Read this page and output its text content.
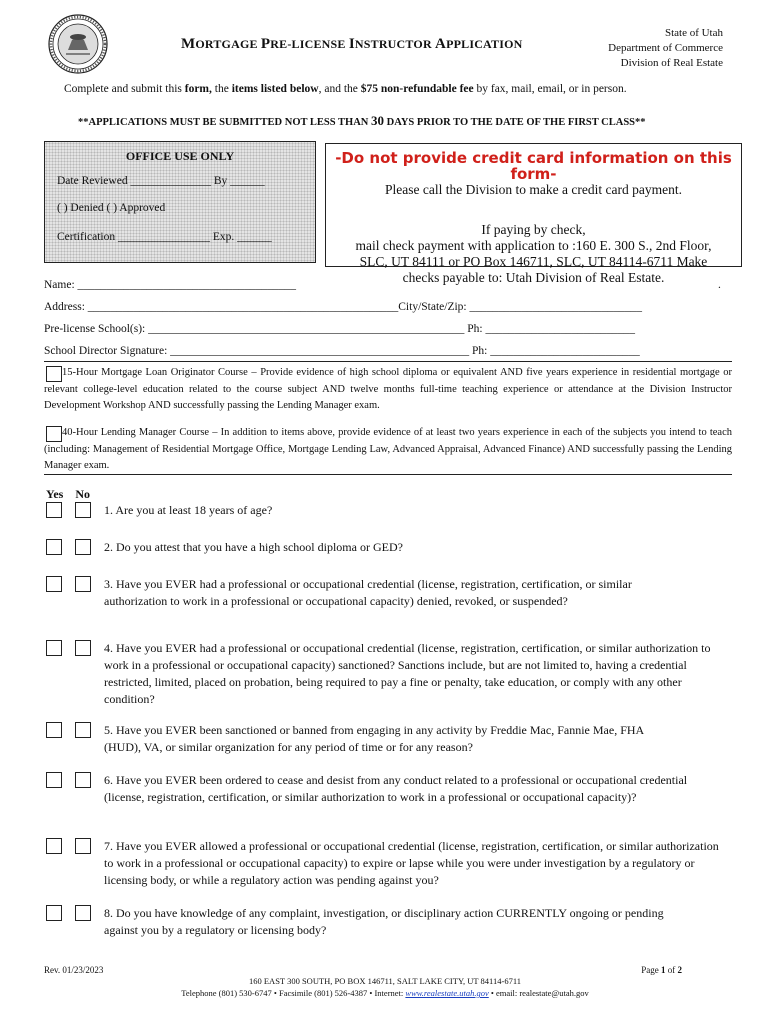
MORTGAGE PRE-LICENSE INSTRUCTOR APPLICATION
State of Utah
Department of Commerce
Division of Real Estate
Complete and submit this form, the items listed below, and the $75 non-refundable fee by fax, mail, email, or in person.
**APPLICATIONS MUST BE SUBMITTED NOT LESS THAN 30 DAYS PRIOR TO THE DATE OF THE FIRST CLASS**
OFFICE USE ONLY
Date Reviewed ______________ By ______
( ) Denied ( ) Approved
Certification ________________ Exp. ______
-Do not provide credit card information on this form-
Please call the Division to make a credit card payment.
If paying by check,
mail check payment with application to :160 E. 300 S., 2nd Floor,
SLC, UT 84111 or PO Box 146711, SLC, UT 84114-6711 Make
checks payable to: Utah Division of Real Estate.
Name: ______________________________________	.
Address: ______________________________________________________City/State/Zip: ______________________________
Pre-license School(s): _______________________________________________________ Ph: __________________________
School Director Signature: ____________________________________________________ Ph: __________________________
15-Hour Mortgage Loan Originator Course – Provide evidence of high school diploma or equivalent AND five years experience in residential mortgage or relevant college-level education related to the course subject AND twelve months full-time teaching experience or attendance at the Division Instructor Development Workshop AND successfully passing the Lending Manager exam.
40-Hour Lending Manager Course – In addition to items above, provide evidence of at least two years experience in each of the subjects you intend to teach (including: Management of Residential Mortgage Office, Mortgage Lending Law, Advanced Appraisal, Advanced Finance) AND successfully passing the Lending Manager exam.
Yes No
1. Are you at least 18 years of age?
2. Do you attest that you have a high school diploma or GED?
3. Have you EVER had a professional or occupational credential (license, registration, certification, or similar authorization to work in a professional or occupational capacity) denied, revoked, or suspended?
4. Have you EVER had a professional or occupational credential (license, registration, certification, or similar authorization to work in a professional or occupational capacity) sanctioned? Sanctions include, but are not limited to, having a credential restricted, limited, placed on probation, being required to pay a fine or penalty, take education, or comply with any other condition?
5. Have you EVER been sanctioned or banned from engaging in any activity by Freddie Mac, Fannie Mae, FHA (HUD), VA, or similar organization for any period of time or for any reason?
6. Have you EVER been ordered to cease and desist from any conduct related to a professional or occupational credential (license, registration, certification, or similar authorization to work in a professional or occupational capacity)?
7. Have you EVER allowed a professional or occupational credential (license, registration, certification, or similar authorization to work in a professional or occupational capacity) to expire or lapse while you were under investigation by a regulatory or licensing body, or while a regulatory action was pending against you?
8. Do you have knowledge of any complaint, investigation, or disciplinary action CURRENTLY ongoing or pending against you by a regulatory or licensing body?
Rev. 01/23/2023	Page 1 of 2
160 EAST 300 SOUTH, PO BOX 146711, SALT LAKE CITY, UT 84114-6711
Telephone (801) 530-6747 • Facsimile (801) 526-4387 • Internet: www.realestate.utah.gov • email: realestate@utah.gov
